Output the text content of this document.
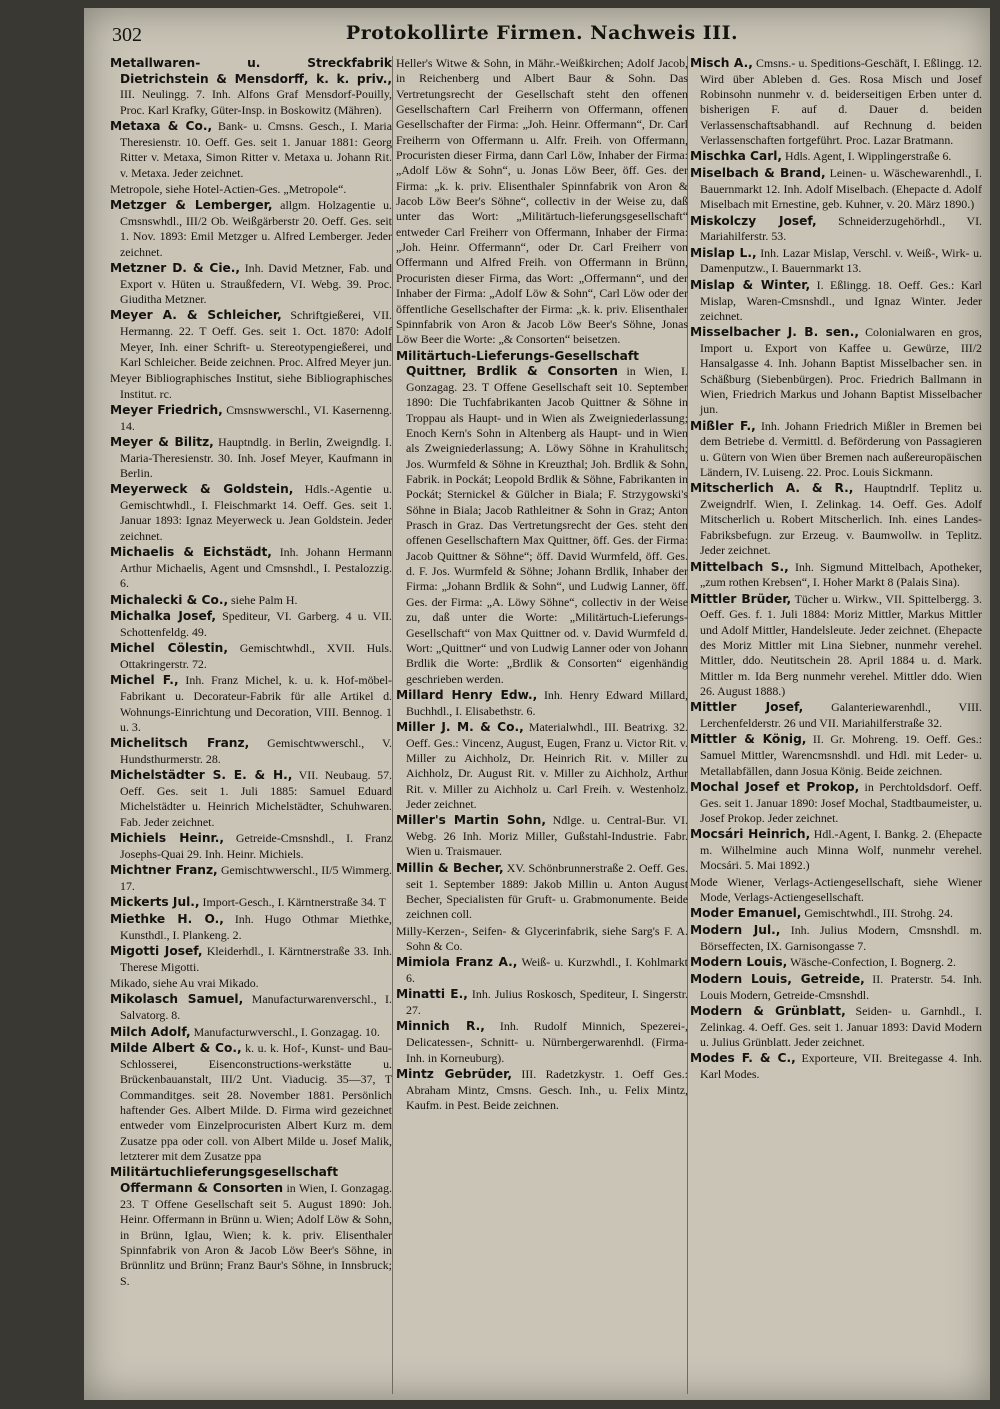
302	Protokollirte Firmen. Nachweis III.

Metallwaren- u. Streckfabrik Dietrichstein & Mensdorff, k. k. priv., III. Neulingg. 7. Inh. Alfons Graf Mensdorf-Pouilly, Proc. Karl Krafky, Güter-Insp. in Boskowitz (Mähren).

Metaxa & Co., Bank- u. Cmsns. Gesch., I. Maria Theresienstr. 10. Oeff. Ges. seit 1. Januar 1881: Georg Ritter v. Metaxa, Simon Ritter v. Metaxa u. Johann Rit. v. Metaxa. Jeder zeichnet.

Metropole, siehe Hotel-Actien-Ges. „Metropole“.

Metzger & Lemberger, allgm. Holzagentie u. Cmsnswhdl., III/2 Ob. Weißgärberstr 20. Oeff. Ges. seit 1. Nov. 1893: Emil Metzger u. Alfred Lemberger. Jeder zeichnet.

Metzner D. & Cie., Inh. David Metzner, Fab. und Export v. Hüten u. Straußfedern, VI. Webg. 39. Proc. Giuditha Metzner.

Meyer A. & Schleicher, Schriftgießerei, VII. Hermanng. 22. T Oeff. Ges. seit 1. Oct. 1870: Adolf Meyer, Inh. einer Schrift- u. Stereotypengießerei, und Karl Schleicher. Beide zeichnen. Proc. Alfred Meyer jun.

Meyer Bibliographisches Institut, siehe Bibliographisches Institut. rc.

Meyer Friedrich, Cmsnswwerschl., VI. Kasernenng. 14.

Meyer & Bilitz, Hauptndlg. in Berlin, Zweigndlg. I. Maria-Theresienstr. 30. Inh. Josef Meyer, Kaufmann in Berlin.

Meyerweck & Goldstein, Hdls.-Agentie u. Gemischtwhdl., I. Fleischmarkt 14. Oeff. Ges. seit 1. Januar 1893: Ignaz Meyerweck u. Jean Goldstein. Jeder zeichnet.

Michaelis & Eichstädt, Inh. Johann Hermann Arthur Michaelis, Agent und Cmsnshdl., I. Pestalozzig. 6.

Michalecki & Co., siehe Palm H.

Michalka Josef, Spediteur, VI. Garberg. 4 u. VII. Schottenfeldg. 49.

Michel Cölestin, Gemischtwhdl., XVII. Huls. Ottakringerstr. 72.

Michel F., Inh. Franz Michel, k. u. k. Hof-möbel-Fabrikant u. Decorateur-Fabrik für alle Artikel d. Wohnungs-Einrichtung und Decoration, VIII. Bennog. 1 u. 3.

Michelitsch Franz, Gemischtwwerschl., V. Hundsthurmerstr. 28.

Michelstädter S. E. & H., VII. Neubaug. 57. Oeff. Ges. seit 1. Juli 1885: Samuel Eduard Michelstädter u. Heinrich Michelstädter, Schuhwaren. Fab. Jeder zeichnet.

Michiels Heinr., Getreide-Cmsnshdl., I. Franz Josephs-Quai 29. Inh. Heinr. Michiels.

Michtner Franz, Gemischtwwerschl., II/5 Wimmerg. 17.

Mickerts Jul., Import-Gesch., I. Kärntnerstraße 34. T

Miethke H. O., Inh. Hugo Othmar Miethke, Kunsthdl., I. Plankeng. 2.

Migotti Josef, Kleiderhdl., I. Kärntnerstraße 33. Inh. Therese Migotti.

Mikado, siehe Au vrai Mikado.

Mikolasch Samuel, Manufacturwarenverschl., I. Salvatorg. 8.

Milch Adolf, Manufacturwverschl., I. Gonzagag. 10.

Milde Albert & Co., k. u. k. Hof-, Kunst- und Bau-Schlosserei, Eisenconstructions-werkstätte u. Brückenbauanstalt, III/2 Unt. Viaducig. 35—37, T Commanditges. seit 28. November 1881. Persönlich haftender Ges. Albert Milde. D. Firma wird gezeichnet entweder vom Einzelprocuristen Albert Kurz m. dem Zusatze ppa oder coll. von Albert Milde u. Josef Malik, letzterer mit dem Zusatze ppa

Militärtuchlieferungsgesellschaft Offermann & Consorten in Wien, I. Gonzagag. 23. T Offene Gesellschaft seit 5. August 1890: Joh. Heinr. Offermann in Brünn u. Wien; Adolf Löw & Sohn, in Brünn, Iglau, Wien; k. k. priv. Elisenthaler Spinnfabrik von Aron & Jacob Löw Beer's Söhne, in Brünnlitz und Brünn; Franz Baur's Söhne, in Innsbruck; S.

Heller's Witwe & Sohn, in Mähr.-Weißkirchen; Adolf Jacob, in Reichenberg und Albert Baur & Sohn. Das Vertretungsrecht der Gesellschaft steht den offenen Gesellschaftern Carl Freiherrn von Offermann, offenen Gesellschafter der Firma: „Joh. Heinr. Offermann“, Dr. Carl Freiherrn von Offermann u. Alfr. Freih. von Offermann, Procuristen dieser Firma, dann Carl Löw, Inhaber der Firma: „Adolf Löw & Sohn“, u. Jonas Löw Beer, öff. Ges. der Firma: „k. k. priv. Elisenthaler Spinnfabrik von Aron & Jacob Löw Beer's Söhne“, collectiv in der Weise zu, daß unter das Wort: „Militärtuch-lieferungsgesellschaft“ entweder Carl Freiherr von Offermann, Inhaber der Firma: „Joh. Heinr. Offermann“, oder Dr. Carl Freiherr von Offermann und Alfred Freih. von Offermann in Brünn, Procuristen dieser Firma, das Wort: „Offermann“, und der Inhaber der Firma: „Adolf Löw & Sohn“, Carl Löw oder der öffentliche Gesellschafter der Firma: „k. k. priv. Elisenthaler Spinnfabrik von Aron & Jacob Löw Beer's Söhne, Jonas Löw Beer die Worte: „& Consorten“ beisetzen.

Militärtuch-Lieferungs-Gesellschaft Quittner, Brdlik & Consorten in Wien, I. Gonzagag. 23. T Offene Gesellschaft seit 10. September 1890: Die Tuchfabrikanten Jacob Quittner & Söhne in Troppau als Haupt- und in Wien als Zweigniederlassung; Enoch Kern's Sohn in Altenberg als Haupt- und in Wien als Zweigniederlassung; A. Löwy Söhne in Krahulitsch; Jos. Wurmfeld & Söhne in Kreuzthal; Joh. Brdlik & Sohn, Fabrik. in Pockát; Leopold Brdlik & Söhne, Fabrikanten in Pockát; Sternickel & Gülcher in Biala; F. Strzygowski's Söhne in Biala; Jacob Rathleitner & Sohn in Graz; Anton Prasch in Graz. Das Vertretungsrecht der Ges. steht den offenen Gesellschaftern Max Quittner, öff. Ges. der Firma: Jacob Quittner & Söhne“; öff. David Wurmfeld, öff. Ges. d. F. Jos. Wurmfeld & Söhne; Johann Brdlik, Inhaber der Firma: „Johann Brdlik & Sohn“, und Ludwig Lanner, öff. Ges. der Firma: „A. Löwy Söhne“, collectiv in der Weise zu, daß unter die Worte: „Militärtuch-Lieferungs-Gesellschaft“ von Max Quittner od. v. David Wurmfeld d. Wort: „Quittner“ und von Ludwig Lanner oder von Johann Brdlik die Worte: „Brdlik & Consorten“ eigenhändig geschrieben werden.

Millard Henry Edw., Inh. Henry Edward Millard, Buchhdl., I. Elisabethstr. 6.

Miller J. M. & Co., Materialwhdl., III. Beatrixg. 32. Oeff. Ges.: Vincenz, August, Eugen, Franz u. Victor Rit. v. Miller zu Aichholz, Dr. Heinrich Rit. v. Miller zu Aichholz, Dr. August Rit. v. Miller zu Aichholz, Arthur Rit. v. Miller zu Aichholz u. Carl Freih. v. Westenholz. Jeder zeichnet.

Miller's Martin Sohn, Ndlge. u. Central-Bur. VI. Webg. 26 Inh. Moriz Miller, Gußstahl-Industrie. Fabr. Wien u. Traismauer.

Millin & Becher, XV. Schönbrunnerstraße 2. Oeff. Ges. seit 1. September 1889: Jakob Millin u. Anton August Becher, Specialisten für Gruft- u. Grabmonumente. Beide zeichnen coll.

Milly-Kerzen-, Seifen- & Glycerinfabrik, siehe Sarg's F. A. Sohn & Co.

Mimiola Franz A., Weiß- u. Kurzwhdl., I. Kohlmarkt 6.

Minatti E., Inh. Julius Roskosch, Spediteur, I. Singerstr. 27.

Minnich R., Inh. Rudolf Minnich, Spezerei-, Delicatessen-, Schnitt- u. Nürnbergerwarenhdl. (Firma-Inh. in Korneuburg).

Mintz Gebrüder, III. Radetzkystr. 1. Oeff Ges.: Abraham Mintz, Cmsns. Gesch. Inh., u. Felix Mintz, Kaufm. in Pest. Beide zeichnen.

Misch A., Cmsns.- u. Speditions-Geschäft, I. Eßlingg. 12. Wird über Ableben d. Ges. Rosa Misch und Josef Robinsohn nunmehr v. d. beiderseitigen Erben unter d. bisherigen F. auf d. Dauer d. beiden Verlassenschaftsabhandl. auf Rechnung d. beiden Verlassenschaften fortgeführt. Proc. Lazar Bratmann.

Mischka Carl, Hdls. Agent, I. Wipplingerstraße 6.

Miselbach & Brand, Leinen- u. Wäschewarenhdl., I. Bauernmarkt 12. Inh. Adolf Miselbach. (Ehepacte d. Adolf Miselbach mit Ernestine, geb. Kuhner, v. 20. März 1890.)

Miskolczy Josef, Schneiderzugehörhdl., VI. Mariahilferstr. 53.

Mislap L., Inh. Lazar Mislap, Verschl. v. Weiß-, Wirk- u. Damenputzw., I. Bauernmarkt 13.

Mislap & Winter, I. Eßlingg. 18. Oeff. Ges.: Karl Mislap, Waren-Cmsnshdl., und Ignaz Winter. Jeder zeichnet.

Misselbacher J. B. sen., Colonialwaren en gros, Import u. Export von Kaffee u. Gewürze, III/2 Hansalgasse 4. Inh. Johann Baptist Misselbacher sen. in Schäßburg (Siebenbürgen). Proc. Friedrich Ballmann in Wien, Friedrich Markus und Johann Baptist Misselbacher jun.

Mißler F., Inh. Johann Friedrich Mißler in Bremen bei dem Betriebe d. Vermittl. d. Beförderung von Passagieren u. Gütern von Wien über Bremen nach außereuropäischen Ländern, IV. Luiseng. 22. Proc. Louis Sickmann.

Mitscherlich A. & R., Hauptndrlf. Teplitz u. Zweigndrlf. Wien, I. Zelinkag. 14. Oeff. Ges. Adolf Mitscherlich u. Robert Mitscherlich. Inh. eines Landes-Fabriksbefugn. zur Erzeug. v. Baumwollw. in Teplitz. Jeder zeichnet.

Mittelbach S., Inh. Sigmund Mittelbach, Apotheker, „zum rothen Krebsen“, I. Hoher Markt 8 (Palais Sina).

Mittler Brüder, Tücher u. Wirkw., VII. Spittelbergg. 3. Oeff. Ges. f. 1. Juli 1884: Moriz Mittler, Markus Mittler und Adolf Mittler, Handelsleute. Jeder zeichnet. (Ehepacte des Moriz Mittler mit Lina Siebner, nunmehr verehel. Mittler, ddo. Neutitschein 28. April 1884 u. d. Mark. Mittler m. Ida Berg nunmehr verehel. Mittler ddo. Wien 26. August 1888.)

Mittler Josef, Galanteriewarenhdl., VIII. Lerchenfelderstr. 26 und VII. Mariahilferstraße 32.

Mittler & König, II. Gr. Mohreng. 19. Oeff. Ges.: Samuel Mittler, Warencmsnshdl. und Hdl. mit Leder- u. Metallabfällen, dann Josua König. Beide zeichnen.

Mochal Josef et Prokop, in Perchtoldsdorf. Oeff. Ges. seit 1. Januar 1890: Josef Mochal, Stadtbaumeister, u. Josef Prokop. Jeder zeichnet.

Mocsári Heinrich, Hdl.-Agent, I. Bankg. 2. (Ehepacte m. Wilhelmine auch Minna Wolf, nunmehr verehel. Mocsári. 5. Mai 1892.)

Mode Wiener, Verlags-Actiengesellschaft, siehe Wiener Mode, Verlags-Actiengesellschaft.

Moder Emanuel, Gemischtwhdl., III. Strohg. 24.

Modern Jul., Inh. Julius Modern, Cmsnshdl. m. Börseffecten, IX. Garnisongasse 7.

Modern Louis, Wäsche-Confection, I. Bognerg. 2.

Modern Louis, Getreide, II. Praterstr. 54. Inh. Louis Modern, Getreide-Cmsnshdl.

Modern & Grünblatt, Seiden- u. Garnhdl., I. Zelinkag. 4. Oeff. Ges. seit 1. Januar 1893: David Modern u. Julius Grünblatt. Jeder zeichnet.

Modes F. & C., Exporteure, VII. Breitegasse 4. Inh. Karl Modes.
